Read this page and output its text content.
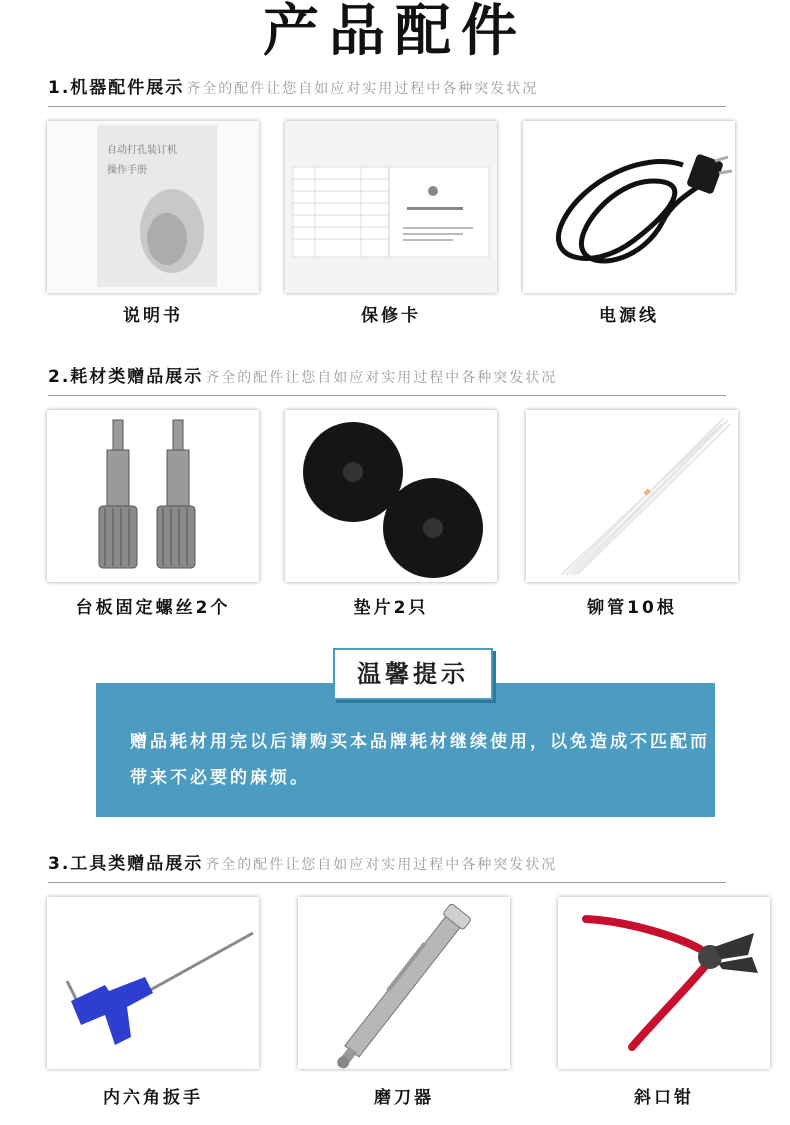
产品配件
1.机器配件展示 齐全的配件让您自如应对实用过程中各种突发状况
自动打孔装订机
操作手册
说明书	保修卡	电源线
2.耗材类赠品展示 齐全的配件让您自如应对实用过程中各种突发状况
台板固定螺丝2个	垫片2只	铆管10根
温馨提示
赠品耗材用完以后请购买本品牌耗材继续使用，以免造成不匹配而带来不必要的麻烦。
3.工具类赠品展示 齐全的配件让您自如应对实用过程中各种突发状况
内六角扳手	磨刀器	斜口钳
